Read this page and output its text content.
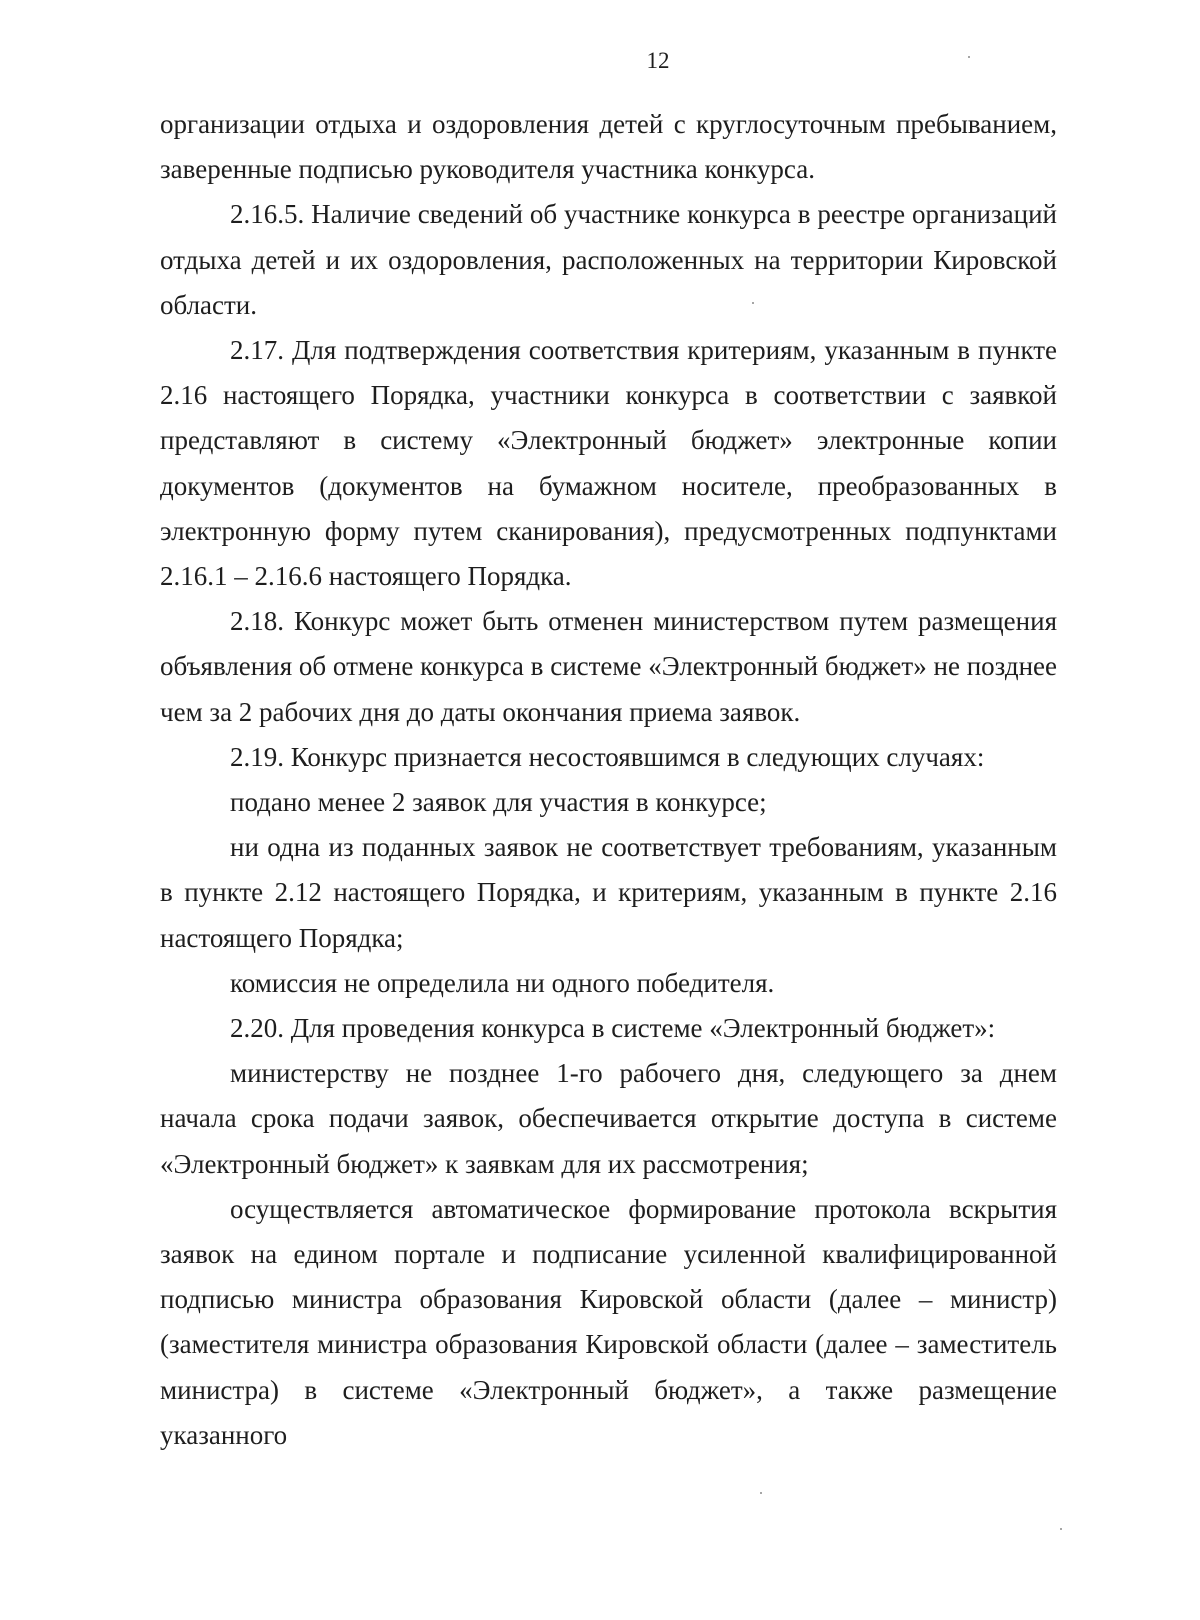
12

организации отдыха и оздоровления детей с круглосуточным пребыванием, заверенные подписью руководителя участника конкурса.

2.16.5. Наличие сведений об участнике конкурса в реестре организаций отдыха детей и их оздоровления, расположенных на территории Кировской области.

2.17. Для подтверждения соответствия критериям, указанным в пункте 2.16 настоящего Порядка, участники конкурса в соответствии с заявкой представляют в систему «Электронный бюджет» электронные копии документов (документов на бумажном носителе, преобразованных в электронную форму путем сканирования), предусмотренных подпунктами 2.16.1 – 2.16.6 настоящего Порядка.

2.18. Конкурс может быть отменен министерством путем размещения объявления об отмене конкурса в системе «Электронный бюджет» не позднее чем за 2 рабочих дня до даты окончания приема заявок.

2.19. Конкурс признается несостоявшимся в следующих случаях:

подано менее 2 заявок для участия в конкурсе;

ни одна из поданных заявок не соответствует требованиям, указанным в пункте 2.12 настоящего Порядка, и критериям, указанным в пункте 2.16 настоящего Порядка;

комиссия не определила ни одного победителя.

2.20. Для проведения конкурса в системе «Электронный бюджет»:

министерству не позднее 1-го рабочего дня, следующего за днем начала срока подачи заявок, обеспечивается открытие доступа в системе «Электронный бюджет» к заявкам для их рассмотрения;

осуществляется автоматическое формирование протокола вскрытия заявок на едином портале и подписание усиленной квалифицированной подписью министра образования Кировской области (далее – министр) (заместителя министра образования Кировской области (далее – заместитель министра) в системе «Электронный бюджет», а также размещение указанного
